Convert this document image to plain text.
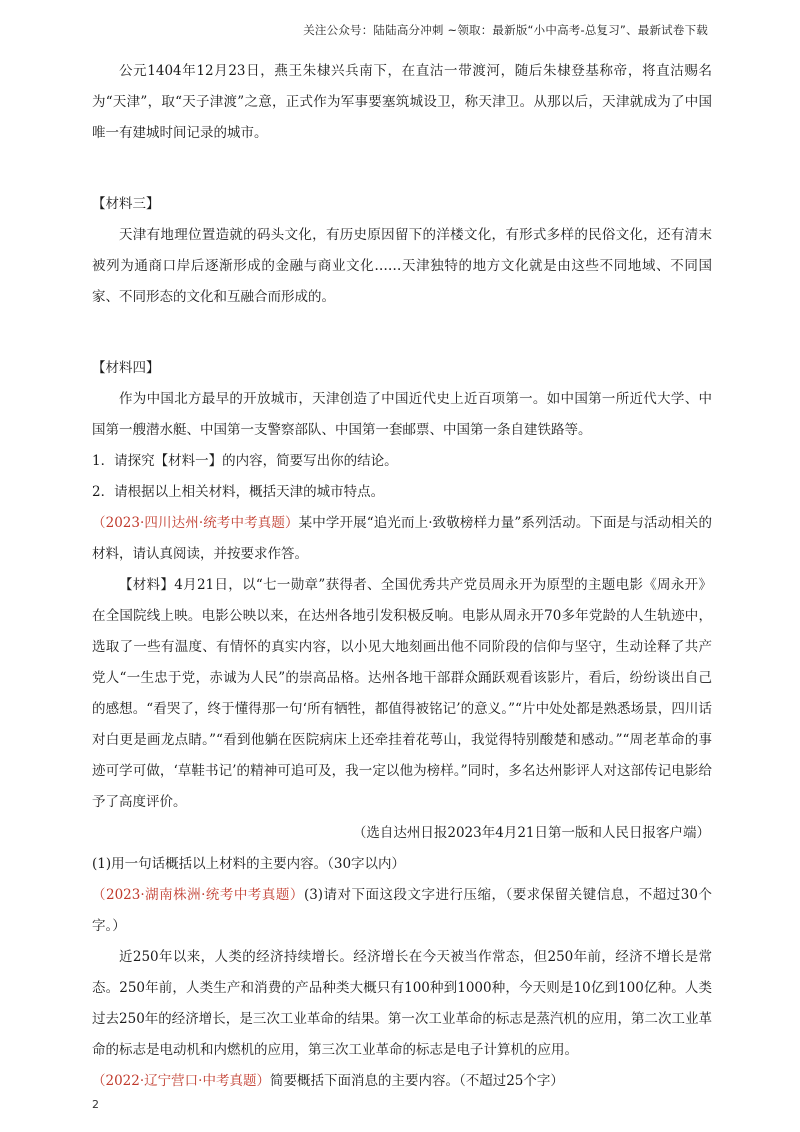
关注公众号：陆陆高分冲刺 ~领取：最新版“小中高考-总复习”、最新试卷下载

公元1404年12月23日，燕王朱棣兴兵南下，在直沽一带渡河，随后朱棣登基称帝，将直沽赐名为“天津”，取“天子津渡”之意，正式作为军事要塞筑城设卫，称天津卫。从那以后，天津就成为了中国唯一有建城时间记录的城市。

【材料三】

天津有地理位置造就的码头文化，有历史原因留下的洋楼文化，有形式多样的民俗文化，还有清末被列为通商口岸后逐渐形成的金融与商业文化……天津独特的地方文化就是由这些不同地域、不同国家、不同形态的文化和互融合而形成的。

【材料四】

作为中国北方最早的开放城市，天津创造了中国近代史上近百项第一。如中国第一所近代大学、中国第一艘潜水艇、中国第一支警察部队、中国第一套邮票、中国第一条自建铁路等。

1．请探究【材料一】的内容，简要写出你的结论。

2．请根据以上相关材料，概括天津的城市特点。

（2023·四川达州·统考中考真题）某中学开展“追光而上·致敬榜样力量”系列活动。下面是与活动相关的材料，请认真阅读，并按要求作答。

【材料】4月21日，以“七一勋章”获得者、全国优秀共产党员周永开为原型的主题电影《周永开》在全国院线上映。电影公映以来，在达州各地引发积极反响。电影从周永开70多年党龄的人生轨迹中，选取了一些有温度、有情怀的真实内容，以小见大地刻画出他不同阶段的信仰与坚守，生动诠释了共产党人“一生忠于党，赤诚为人民”的崇高品格。达州各地干部群众踊跃观看该影片，看后，纷纷谈出自己的感想。“看哭了，终于懂得那一句‘所有牺牲，都值得被铭记’的意义。”“片中处处都是熟悉场景，四川话对白更是画龙点睛。”“看到他躺在医院病床上还牵挂着花萼山，我觉得特别酸楚和感动。”“周老革命的事迹可学可做，‘草鞋书记’的精神可追可及，我一定以他为榜样。”同时，多名达州影评人对这部传记电影给予了高度评价。

（选自达州日报2023年4月21日第一版和人民日报客户端）

(1)用一句话概括以上材料的主要内容。（30字以内）

（2023·湖南株洲·统考中考真题）(3)请对下面这段文字进行压缩，（要求保留关键信息，不超过30个字。）

近250年以来，人类的经济持续增长。经济增长在今天被当作常态，但250年前，经济不增长是常态。250年前，人类生产和消费的产品种类大概只有100种到1000种，今天则是10亿到100亿种。人类过去250年的经济增长，是三次工业革命的结果。第一次工业革命的标志是蒸汽机的应用，第二次工业革命的标志是电动机和内燃机的应用，第三次工业革命的标志是电子计算机的应用。

（2022·辽宁营口·中考真题）简要概括下面消息的主要内容。（不超过25个字）

2
